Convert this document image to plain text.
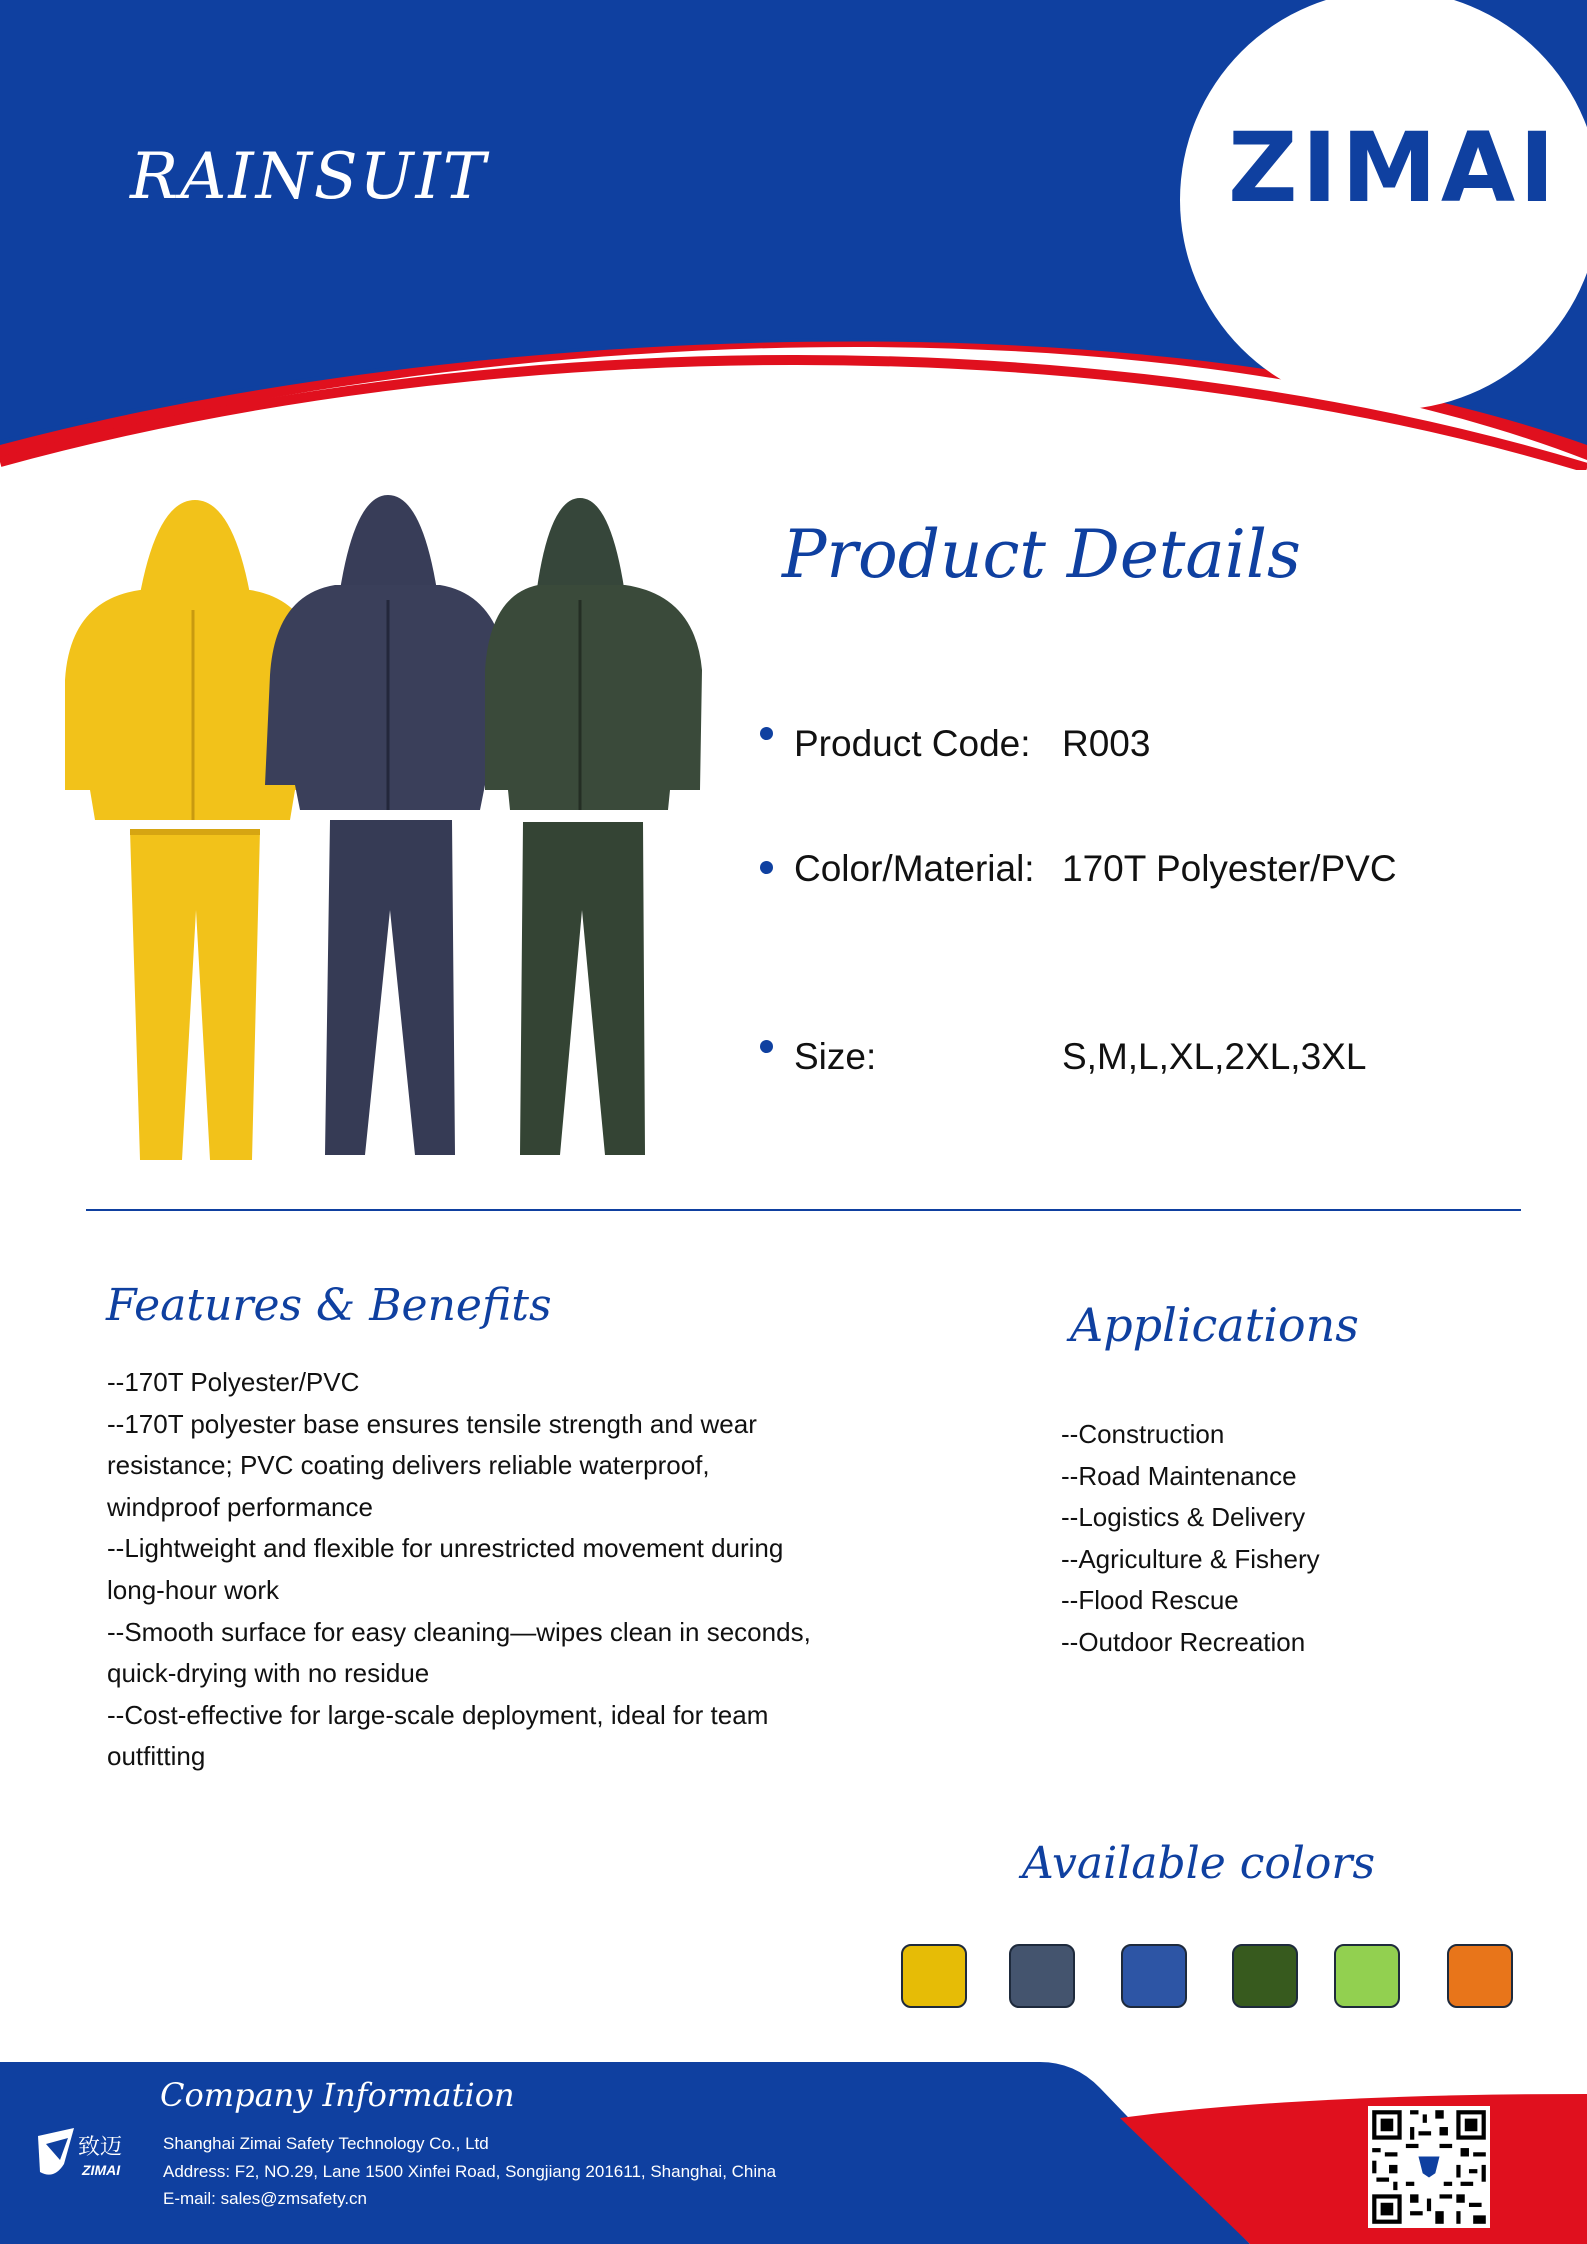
RAINSUIT	ZIMAI
Product Details
Product Code: R003
Color/Material: 170T Polyester/PVC
Size:	S,M,L,XL,2XL,3XL
Features & Benefits
--170T Polyester/PVC
--170T polyester base ensures tensile strength and wear
resistance; PVC coating delivers reliable waterproof,
windproof performance
--Lightweight and flexible for unrestricted movement during
long-hour work
--Smooth surface for easy cleaning—wipes clean in seconds,
quick-drying with no residue
--Cost-effective for large-scale deployment, ideal for team
outfitting
Applications
--Construction
--Road Maintenance
--Logistics & Delivery
--Agriculture & Fishery
--Flood Rescue
--Outdoor Recreation
Available colors
Company Information
Shanghai Zimai Safety Technology Co., Ltd
Address: F2, NO.29, Lane 1500 Xinfei Road, Songjiang 201611, Shanghai, China
E-mail: sales@zmsafety.cn
致迈
ZIMAI
